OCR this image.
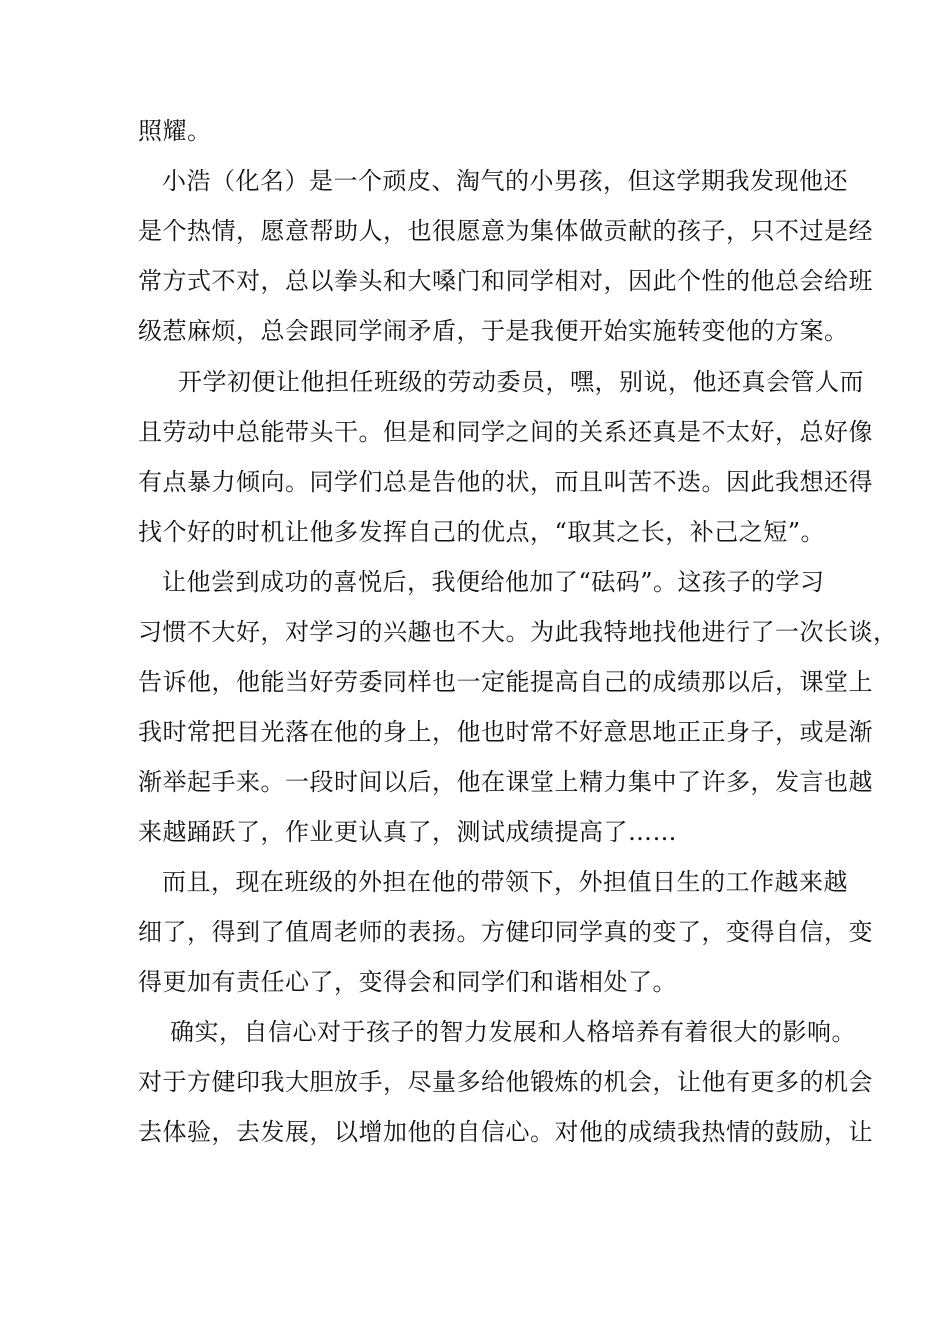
照耀。
小浩（化名）是一个顽皮、淘气的小男孩，但这学期我发现他还
是个热情，愿意帮助人，也很愿意为集体做贡献的孩子，只不过是经
常方式不对，总以拳头和大嗓门和同学相对，因此个性的他总会给班
级惹麻烦，总会跟同学闹矛盾，于是我便开始实施转变他的方案。
开学初便让他担任班级的劳动委员，嘿，别说，他还真会管人而
且劳动中总能带头干。但是和同学之间的关系还真是不太好，总好像
有点暴力倾向。同学们总是告他的状，而且叫苦不迭。因此我想还得
找个好的时机让他多发挥自己的优点，“取其之长，补己之短”。
让他尝到成功的喜悦后，我便给他加了“砝码”。这孩子的学习
习惯不大好，对学习的兴趣也不大。为此我特地找他进行了一次长谈，
告诉他，他能当好劳委同样也一定能提高自己的成绩那以后，课堂上
我时常把目光落在他的身上，他也时常不好意思地正正身子，或是渐
渐举起手来。一段时间以后，他在课堂上精力集中了许多，发言也越
来越踊跃了，作业更认真了，测试成绩提高了……
而且，现在班级的外担在他的带领下，外担值日生的工作越来越
细了，得到了值周老师的表扬。方健印同学真的变了，变得自信，变
得更加有责任心了，变得会和同学们和谐相处了。
确实，自信心对于孩子的智力发展和人格培养有着很大的影响。
对于方健印我大胆放手，尽量多给他锻炼的机会，让他有更多的机会
去体验，去发展，以增加他的自信心。对他的成绩我热情的鼓励，让
